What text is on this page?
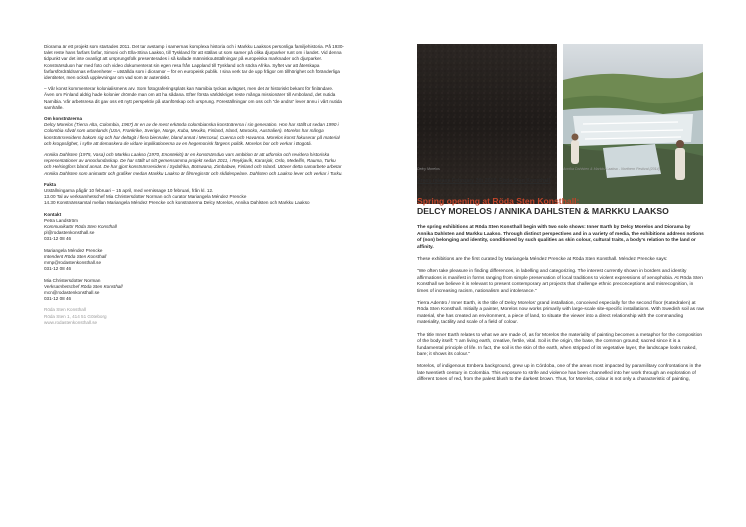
Diorama är ett projekt som startades 2011. Det tar avstamp i samernas komplexa historia och i Markku Laaksos personliga familjehistoria. På 1930-talet reste hans farfars farfar, Simoni och Ella-Stina Laakso, till Tyskland för att ställas ut som samer på olika djurparker runt om i landet. Vid denna tidpunkt var det inte ovanligt att ursprungsfolk presenterades i så kallade människoutställningar på europeiska marknader och djurparker. Konstnärsduon har med foto och video dokumenterat sin egen resa från Lappland till Tyskland och södra Afrika. Syftet var att återskapa farfarsfördräldrarnas erfarenheter – utställda som i dioramor – för en europeisk publik. I sina verk tar de upp frågor om tillhörighet och föränderliga identiteter, men också upplevningar om vad som är autentiskt.

– Vår konst kommenterar kolonialismens arv. Som fotograferingsplats kan Namibia tyckas avlägset, men det är historiskt bekant för finländare. Även om Finland aldrig hade kolonier drömde man om att ha sådana. Efter första världskriget reste många missionärer till Amboland, det nutida Namibia. Vår arbetsresa dit gav oss ett nytt perspektiv på utanförskap och ursprung. Föreställningar om oss och "de andra" lever ännu i vårt nutida samhälle.

Om konstnärerna

Delcy Morelos (Tierra Alta, Colombia, 1967) är en av de mest erkända colombianska konstnärerna i sin generation. Hon har ställt ut sedan 1990 i Colombia såväl som utomlands (USA, Frankrike, Sverige, Norge, Kuba, Mexiko, Finland, Irland, Marocko, Australien). Morelos har många konstnärsresidens bakom sig och har deltagit i flera biennaler, bland annat i Mercosul, Cuenca och Havanna. Morelos konst fokuserar på material och kroppslighet, i syfte att demaskera de vidare implikationerna av en hegemonisk färgens politik. Morelos bor och verkar i Bogotá.

Annika Dahlsten (1975, Vasa) och Markku Laakso (1970, Enontekiö) är en konstnärsduo vars ambition är att utforska och revidera historiska representationer av annorlundaskap. De har ställt ut sitt gemensamma projekt sedan 2011, i Reykjavík, Karasjok, Oslo, Medellín, Rauma, Turku och Helsingfors bland annat. De har gjort konstnärsresidens i Sydafrika, Botswana, Zimbabwe, Finland och Island. Utöver detta samarbete arbetar Annika Dahlsten som animatör och grafiker medan Markku Laakso är filmregissör och skådespelare. Dahlsten och Laakso lever och verkar i Turku.

Fakta
Utställningarna pågår 10 februari – 15 april, med vernissage 10 februari, från kl. 12.
13.00 Tal av verksamhetschef Mia Christersdotter Norman och curator Mariangela Méndez Prencke
14.30 Konstnärssamtal mellan Mariangela Méndez Prencke och konstnärerna Delcy Morelos, Annika Dahlsten och Markku Laakso
Kontakt
Petra Landström
Kommunikatör Röda Sten Konsthall
pl@rodastenkonsthall.se
031-12 08 46
Mariangela Méndez Prencke
Intendent Röda Sten Konsthall
mmp@rodastenkonsthall.se
031-12 08 46
Mia Christersdotter Norman
Verksamhetschef Röda Sten Konsthall
mcn@rodastenkonsthall.se
031-12 08 46
Röda Sten Konsthall
Röda Sten 1, 414 51 Göteborg
www.rodastenkonsthall.se
Delcy Morelos	Annika Dahlsten & Markku Laakso - Northern Festival (2014)
Press release February 2th 2018, Röda Sten Konsthall
Spring opening at Röda Sten Konsthall:
DELCY MORELOS / ANNIKA DAHLSTEN & MARKKU LAAKSO

The spring exhibitions at Röda Sten Konsthall begin with two solo shows: Inner Earth by Delcy Morelos and Diorama by Annika Dahlsten and Markku Laakso. Through distinct perspectives and in a variety of media, the exhibitions address notions of (non) belonging and identity, conditioned by such qualities as skin colour, cultural traits, a body's relation to the land or affinity.

These exhibitions are the first curated by Mariangela Méndez Prencke at Röda Sten Konsthall. Méndez Prencke says:

"We often take pleasure in finding differences, in labelling and categorizing. The interest currently shown in borders and identity affirmations is manifest in forms ranging from simple preservation of local traditions to violent expressions of xenophobia. At Röda Sten Konsthall we believe it is relevant to present contemporary art projects that challenge ethnic preconceptions and misrecognition, in times of increasing racism, nationalism and intolerance."

Tierra Adentro / Inner Earth, is the title of Delcy Morelos' grand installation, conceived especially for the second floor (Katedralen) at Röda Sten Konsthall. Initially a painter, Morelos now works primarily with large-scale site-specific installations. With Swedish soil as raw material, she has created an environment, a piece of land, to situate the viewer into a direct relationship with the commanding materiality, tactility and scale of a field of colour.

The title Inner Earth relates to what we are made of, as for Morelos the materiality of painting becomes a metaphor for the composition of the body itself: "I am living earth, creative, fertile, vital. Soil is the origin, the base, the common ground; sacred since it is a fundamental principle of life. In fact, the soil is the skin of the earth, when stripped of its vegetative layer, the landscape looks naked, bare; it shows its colour."

Morelos, of indigenous Embera background, grew up in Córdoba, one of the areas most impacted by paramilitary confrontations in the late twentieth century in Colombia. This exposure to strife and violence has been channelled into her work through an exploration of different tones of red, from the palest blush to the darkest brown. Thus, for Morelos, colour is not only a characteristic of painting,
